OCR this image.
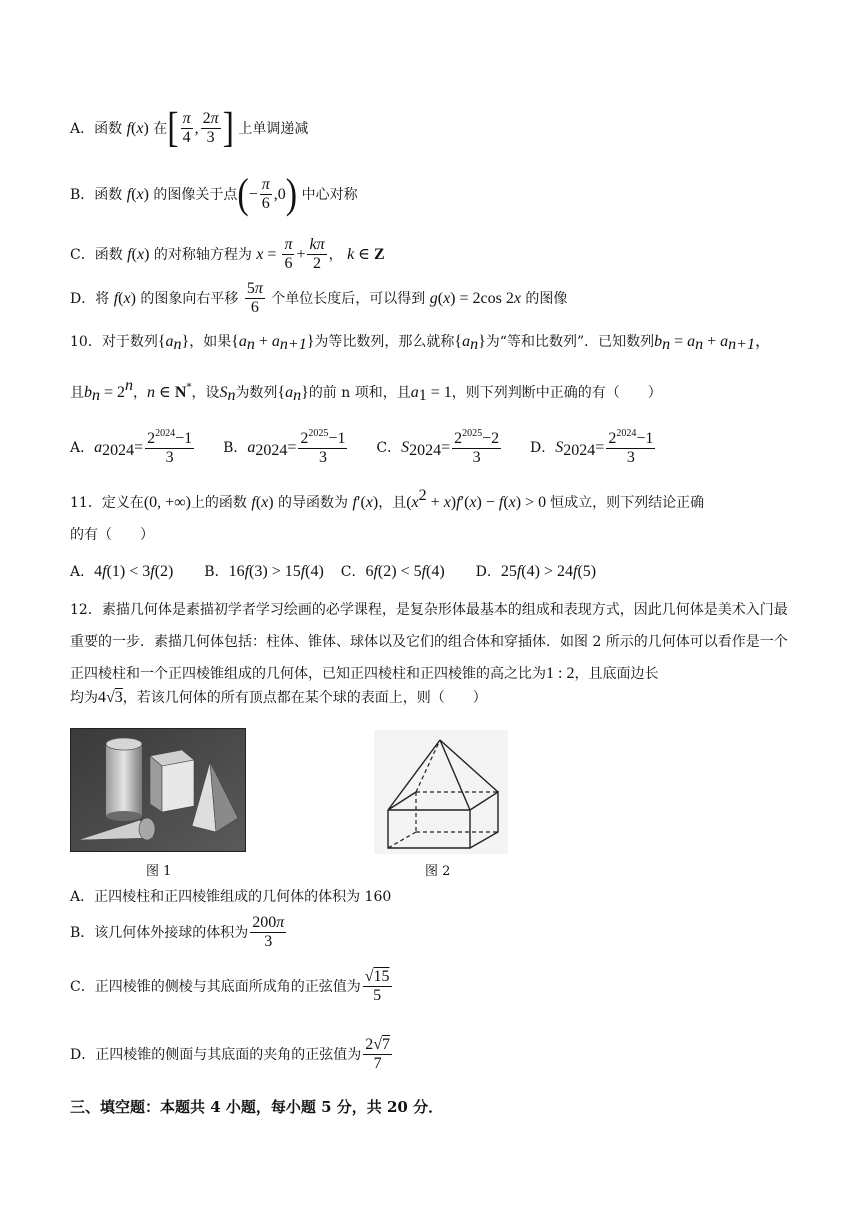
A．函数 f(x) 在[ $\frac{\pi}{4}$ , $\frac{2\pi}{3}$ ] 上单调递减
B．函数 f(x) 的图像关于点(− $\frac{\pi}{6} ,0$) 中心对称
C．函数 f(x) 的对称轴方程为 $x = \frac{\pi}{6} + \frac{k\pi}{2}$ ， k ∈ Z
D．将 f(x) 的图象向右平移 $\frac{5\pi}{6}$ 个单位长度后，可以得到 g(x) = 2cos 2x 的图像
10．对于数列$\{a_n\}$，如果$\{a_n + a_{n+1}\}$为等比数列，那么就称$\{a_n\}$为“等和比数列”．已知数列$b_n = a_n + a_{n+1}$，
且$b_n = 2^n$，n ∈ N*，设$S_n$为数列$\{a_n\}$的前 n 项和，且$a_1 = 1$，则下列判断中正确的有（　　）
A．$a_{2024}= \frac{2^{2024}-1}{3}$ B．$a_{2024}= \frac{2^{2025}-1}{3}$ C．$S_{2024}= \frac{2^{2025}-2}{3}$ D．$S_{2024}= \frac{2^{2024}-1}{3}$
11．定义在(0, +∞)上的函数 f(x) 的导函数为 f′(x)，且$(x^2 + x)f'(x) - f(x) > 0$ 恒成立，则下列结论正确
的有（　　）
A．4f(1) < 3f(2) B．16f(3) > 15f(4) C．6f(2) < 5f(4) D．25f(4) > 24f(5)
12．素描几何体是素描初学者学习绘画的必学课程，是复杂形体最基本的组成和表现方式，因此几何体是美术入门最重要的一步．素描几何体包括：柱体、锥体、球体以及它们的组合体和穿插体．如图 2 所示的几何体可以看作是一个正四棱柱和一个正四棱锥组成的几何体，已知正四棱柱和正四棱锥的高之比为1 : 2，且底面边长
均为4√3，若该几何体的所有顶点都在某个球的表面上，则（　　）
图 1	图 2
A．正四棱柱和正四棱锥组成的几何体的体积为 160
B．该几何体外接球的体积为 $\frac{200\pi}{3}$
C．正四棱锥的侧棱与其底面所成角的正弦值为 $\frac{√15}{5}$
D．正四棱锥的侧面与其底面的夹角的正弦值为 $\frac{2√7}{7}$
三、填空题：本题共 4 小题，每小题 5 分，共 20 分．
